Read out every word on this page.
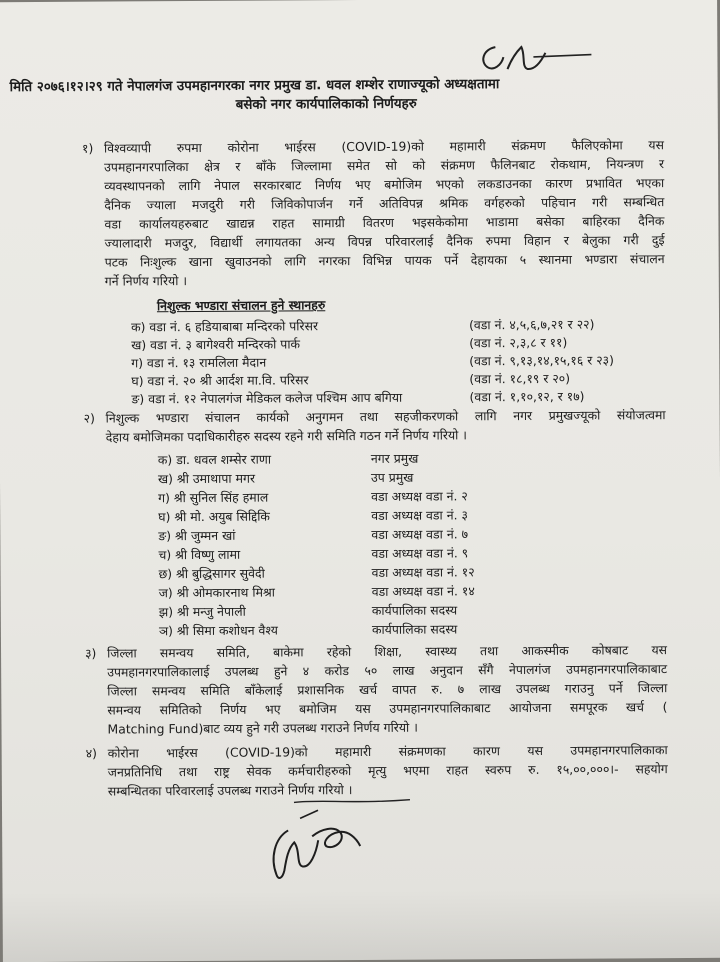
मिति २०७६।१२।२९ गते नेपालगंज उपमहानगरका नगर प्रमुख डा. धवल शम्शेर राणाज्यूको अध्यक्षतामा
बसेको नगर कार्यपालिकाको निर्णयहरु
१) विश्वव्यापी रुपमा कोरोना भाईरस (COVID-19)को महामारी संक्रमण फैलिएकोमा यस
उपमहानगरपालिका क्षेत्र र बाँके जिल्लामा समेत सो को संक्रमण फैलिनबाट रोकथाम, नियन्त्रण र
व्यवस्थापनको लागि नेपाल सरकारबाट निर्णय भए बमोजिम भएको लकडाउनका कारण प्रभावित भएका
दैनिक ज्याला मजदुरी गरी जिविकोपार्जन गर्ने अतिविपन्न श्रमिक वर्गहरुको पहिचान गरी सम्बन्धित
वडा कार्यालयहरुबाट खाद्यन्न राहत सामाग्री वितरण भइसकेकोमा भाडामा बसेका बाहिरका दैनिक
ज्यालादारी मजदुर, विद्यार्थी लगायतका अन्य विपन्न परिवारलाई दैनिक रुपमा विहान र बेलुका गरी दुई
पटक निःशुल्क खाना खुवाउनको लागि नगरका विभिन्न पायक पर्ने देहायका ५ स्थानमा भण्डारा संचालन
गर्ने निर्णय गरियो ।
निशुल्क भण्डारा संचालन हुने स्थानहरु
क) वडा नं. ६ हडियाबाबा मन्दिरको परिसर	(वडा नं. ४,५,६,७,२१ र २२)
ख) वडा नं. ३ बागेश्वरी मन्दिरको पार्क	(वडा नं. २,३,८ र ११)
ग) वडा नं. १३ रामलिला मैदान	(वडा नं. ९,१३,१४,१५,१६ र २३)
घ) वडा नं. २० श्री आर्दश मा.वि. परिसर	(वडा नं. १८,१९ र २०)
ङ) वडा नं. १२ नेपालगंज मेडिकल कलेज पश्चिम आप बगिया	(वडा नं. १,१०,१२, र १७)
२) निशुल्क भण्डारा संचालन कार्यको अनुगमन तथा सहजीकरणको लागि नगर प्रमुखज्यूको संयोजत्वमा
देहाय बमोजिमका पदाधिकारीहरु सदस्य रहने गरी समिति गठन गर्ने निर्णय गरियो ।
क) डा. धवल शम्सेर राणा	नगर प्रमुख
ख) श्री उमाथापा मगर	उप प्रमुख
ग) श्री सुनिल सिंह हमाल	वडा अध्यक्ष वडा नं. २
घ) श्री मो. अयुब सिद्दिकि	वडा अध्यक्ष वडा नं. ३
ङ) श्री जुम्मन खां	वडा अध्यक्ष वडा नं. ७
च) श्री विष्णु लामा	वडा अध्यक्ष वडा नं. ९
छ) श्री बुद्धिसागर सुवेदी	वडा अध्यक्ष वडा नं. १२
ज) श्री ओमकारनाथ मिश्रा	वडा अध्यक्ष वडा नं. १४
झ) श्री मन्जु नेपाली	कार्यपालिका सदस्य
ञ) श्री सिमा कशोधन वैश्य	कार्यपालिका सदस्य
३) जिल्ला समन्वय समिति, बाकेमा रहेको शिक्षा, स्वास्थ्य तथा आकस्मीक कोषबाट यस
उपमहानगरपालिकालाई उपलब्ध हुने ४ करोड ५० लाख अनुदान सँगै नेपालगंज उपमहानगरपालिकाबाट
जिल्ला समन्वय समिति बाँकेलाई प्रशासनिक खर्च वापत रु. ७ लाख उपलब्ध गराउनु पर्ने जिल्ला
समन्वय समितिको निर्णय भए बमोजिम यस उपमहानगरपालिकाबाट आयोजना समपूरक खर्च (
Matching Fund)बाट व्यय हुने गरी उपलब्ध गराउने निर्णय गरियो ।
४) कोरोना भाईरस (COVID-19)को महामारी संक्रमणका कारण यस उपमहानगरपालिकाका
जनप्रतिनिधि तथा राष्ट्र सेवक कर्मचारीहरुको मृत्यु भएमा राहत स्वरुप रु. १५,००,०००।- सहयोग
सम्बन्धितका परिवारलाई उपलब्ध गराउने निर्णय गरियो ।
